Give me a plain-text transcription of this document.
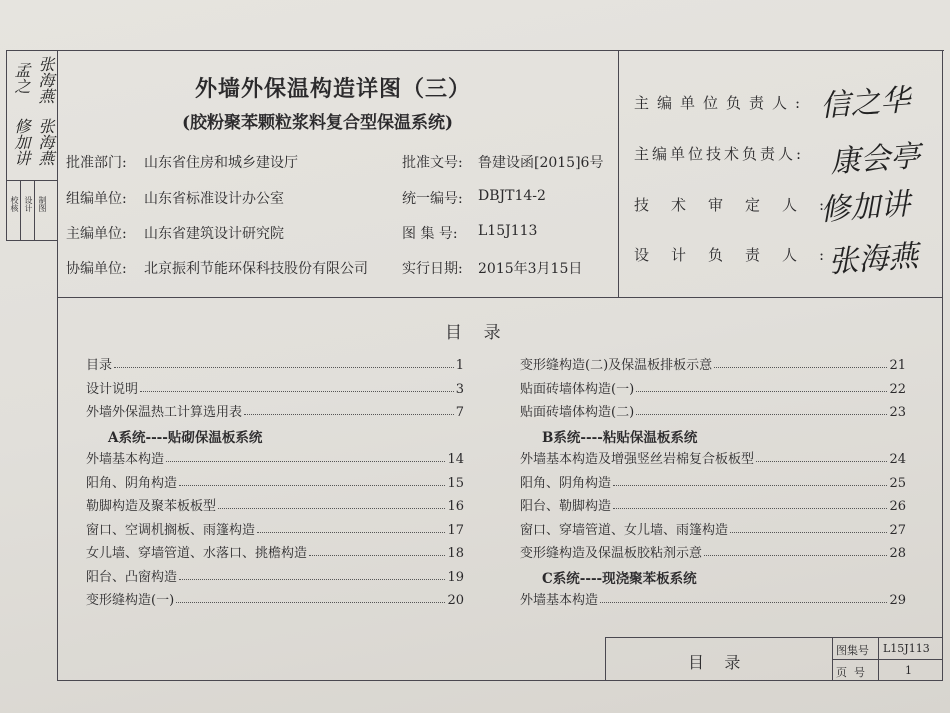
校核
设计
制图
孟之 张海燕
修加讲 张海燕
外墙外保温构造详图（三）
(胶粉聚苯颗粒浆料复合型保温系统)
批准部门: 山东省住房和城乡建设厅	批准文号: 鲁建设函[2015]6号
组编单位: 山东省标准设计办公室	统一编号: DBJT14-2
主编单位: 山东省建筑设计研究院	图 集 号: L15J113
协编单位: 北京振利节能环保科技股份有限公司 实行日期: 2015年3月15日
主编单位负责人: 信之华
主编单位技术负责人: 康会亭
技术审定人:
修加讲
设计负责人:
张海燕
目    录
目    录
图集号 L15J113
页  号	1
目录	1
设计说明	3
外墙外保温热工计算选用表	7
A系统----贴砌保温板系统
外墙基本构造	14
阳角、阴角构造	15
勒脚构造及聚苯板板型	16
窗口、空调机搁板、雨篷构造	17
女儿墙、穿墙管道、水落口、挑檐构造	18
阳台、凸窗构造	19
变形缝构造(一)	20
变形缝构造(二)及保温板排板示意	21
贴面砖墙体构造(一)	22
贴面砖墙体构造(二)	23
B系统----粘贴保温板系统
外墙基本构造及增强竖丝岩棉复合板板型	24
阳角、阴角构造	25
阳台、勒脚构造	26
窗口、穿墙管道、女儿墙、雨篷构造	27
变形缝构造及保温板胶粘剂示意	28
C系统----现浇聚苯板系统
外墙基本构造	29
